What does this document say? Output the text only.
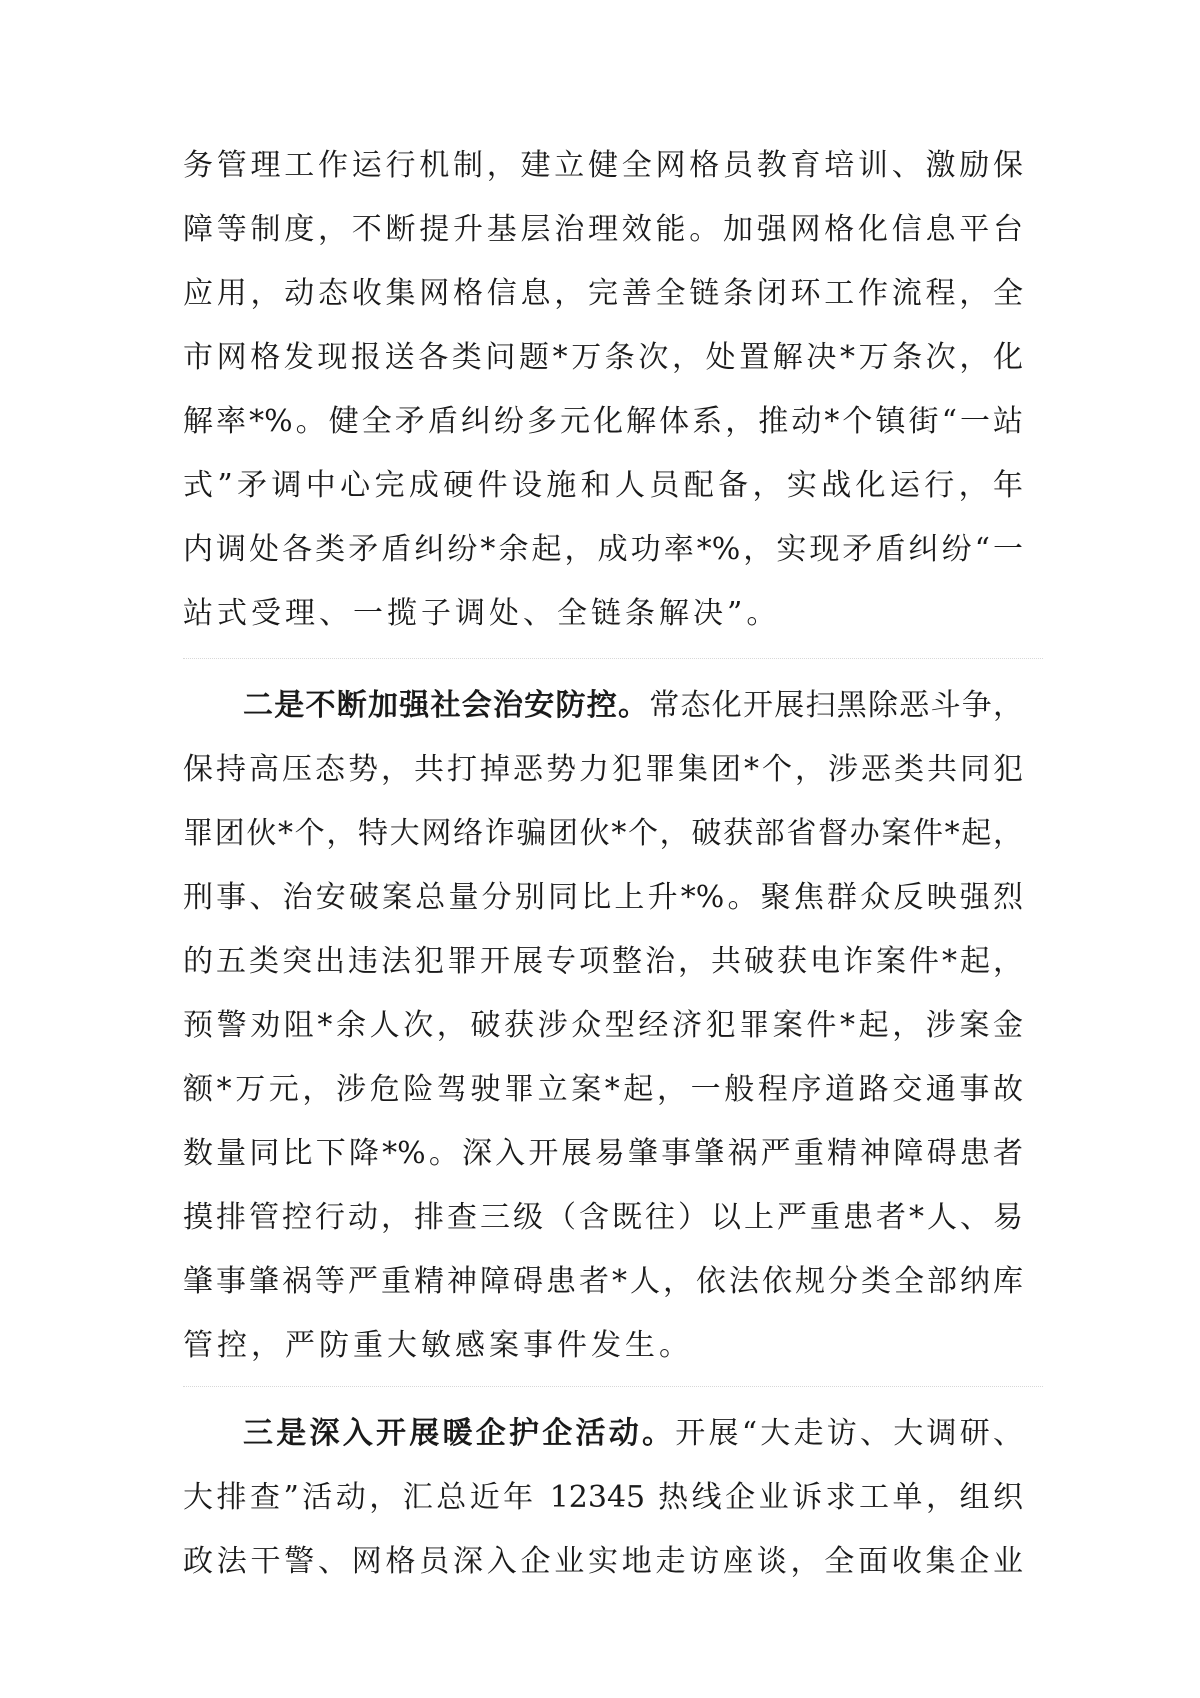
务管理工作运行机制，建立健全网格员教育培训、激励保
障等制度，不断提升基层治理效能。加强网格化信息平台
应用，动态收集网格信息，完善全链条闭环工作流程，全
市网格发现报送各类问题*万条次，处置解决*万条次，化
解率*%。健全矛盾纠纷多元化解体系，推动*个镇街“一站
式”矛调中心完成硬件设施和人员配备，实战化运行，年
内调处各类矛盾纠纷*余起，成功率*%，实现矛盾纠纷“一
站式受理、一揽子调处、全链条解决”。
二是不断加强社会治安防控。常态化开展扫黑除恶斗争，
保持高压态势，共打掉恶势力犯罪集团*个，涉恶类共同犯
罪团伙*个，特大网络诈骗团伙*个，破获部省督办案件*起，
刑事、治安破案总量分别同比上升*%。聚焦群众反映强烈
的五类突出违法犯罪开展专项整治，共破获电诈案件*起，
预警劝阻*余人次，破获涉众型经济犯罪案件*起，涉案金
额*万元，涉危险驾驶罪立案*起，一般程序道路交通事故
数量同比下降*%。深入开展易肇事肇祸严重精神障碍患者
摸排管控行动，排查三级（含既往）以上严重患者*人、易
肇事肇祸等严重精神障碍患者*人，依法依规分类全部纳库
管控，严防重大敏感案事件发生。
三是深入开展暖企护企活动。开展“大走访、大调研、
大排查”活动，汇总近年 12345 热线企业诉求工单，组织
政法干警、网格员深入企业实地走访座谈，全面收集企业
